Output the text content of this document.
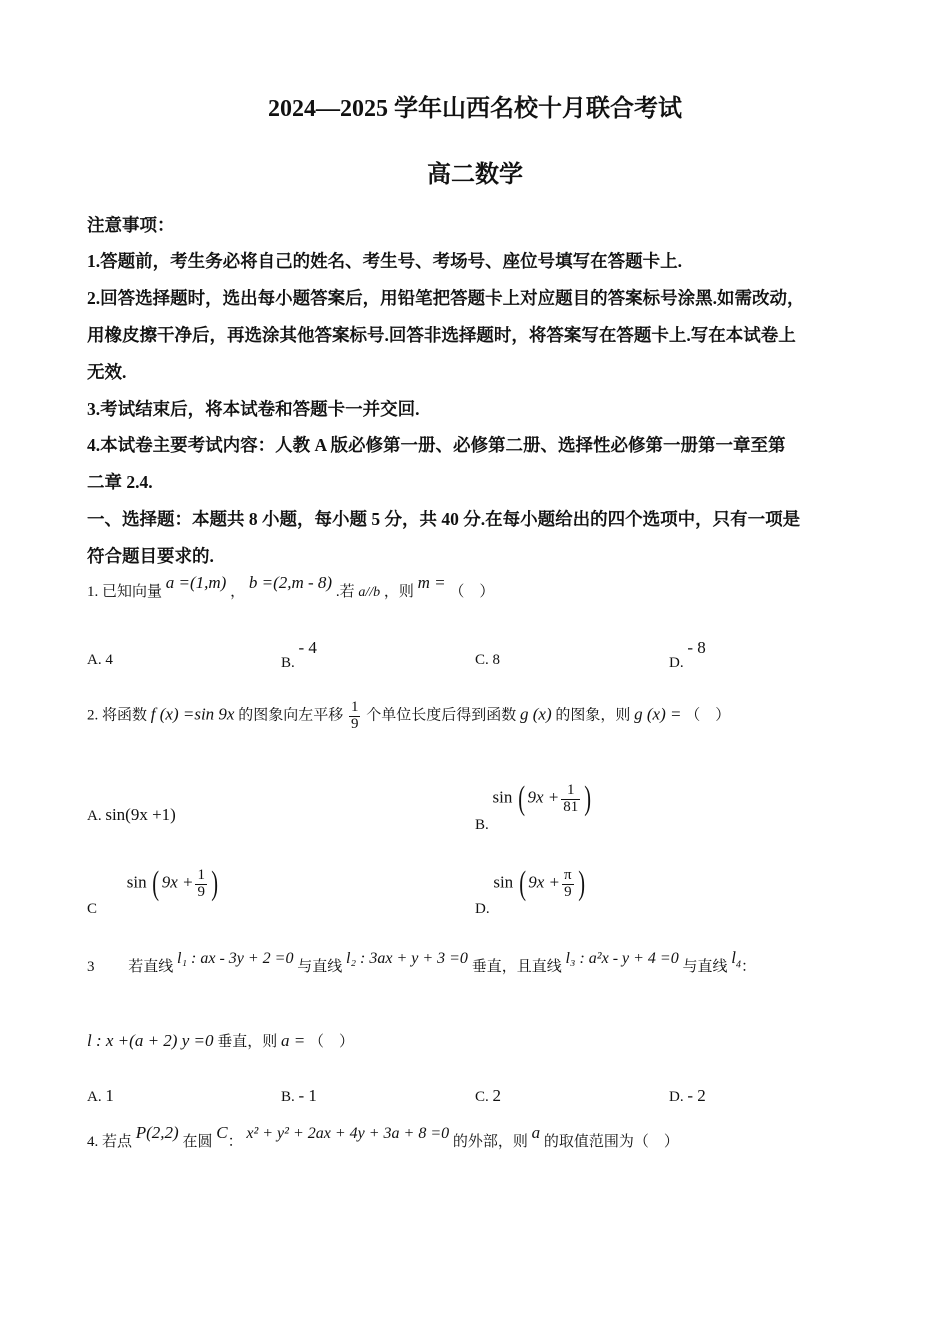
2024—2025 学年山西名校十月联合考试
高二数学
注意事项：
1.答题前，考生务必将自己的姓名、考生号、考场号、座位号填写在答题卡上.
2.回答选择题时，选出每小题答案后，用铅笔把答题卡上对应题目的答案标号涂黑.如需改动，
用橡皮擦干净后，再选涂其他答案标号.回答非选择题时，将答案写在答题卡上.写在本试卷上
无效.
3.考试结束后，将本试卷和答题卡一并交回.
4.本试卷主要考试内容：人教 A 版必修第一册、必修第二册、选择性必修第一册第一章至第
二章 2.4.
一、选择题：本题共 8 小题，每小题 5 分，共 40 分.在每小题给出的四个选项中，只有一项是
符合题目要求的.
1. 已知向量 a =(1,m) ， b =(2,m - 8) .若 a//b ，则 m = （　）
A. 4	B. - 4
C. 8	D. - 8
2. 将函数 f (x) =sin 9x 的图象向左平移 $\frac{1}{9}$ 个单位长度后得到函数 g (x) 的图象，则 g (x) = （　）
A. sin(9x +1)
B. sin ( $9x + \frac{1}{81}$ )
C sin ( $9x + \frac{1}{9}$ )
D. sin ( $9x + \frac{\pi}{9}$ )
3 若直线 l₁ : ax - 3y + 2 =0 与直线 l₂ : 3ax + y + 3 =0 垂直，且直线 l₃ : a²x - y + 4 =0 与直线 $l_4$：
l : x +(a + 2) y =0 垂直，则 a = （　）
A. 1	B. - 1	C. 2	D. - 2
4. 若点 P(2,2) 在圆 C： x² + y² + 2ax + 4y + 3a + 8 =0 的外部，则 a 的取值范围为（　）
